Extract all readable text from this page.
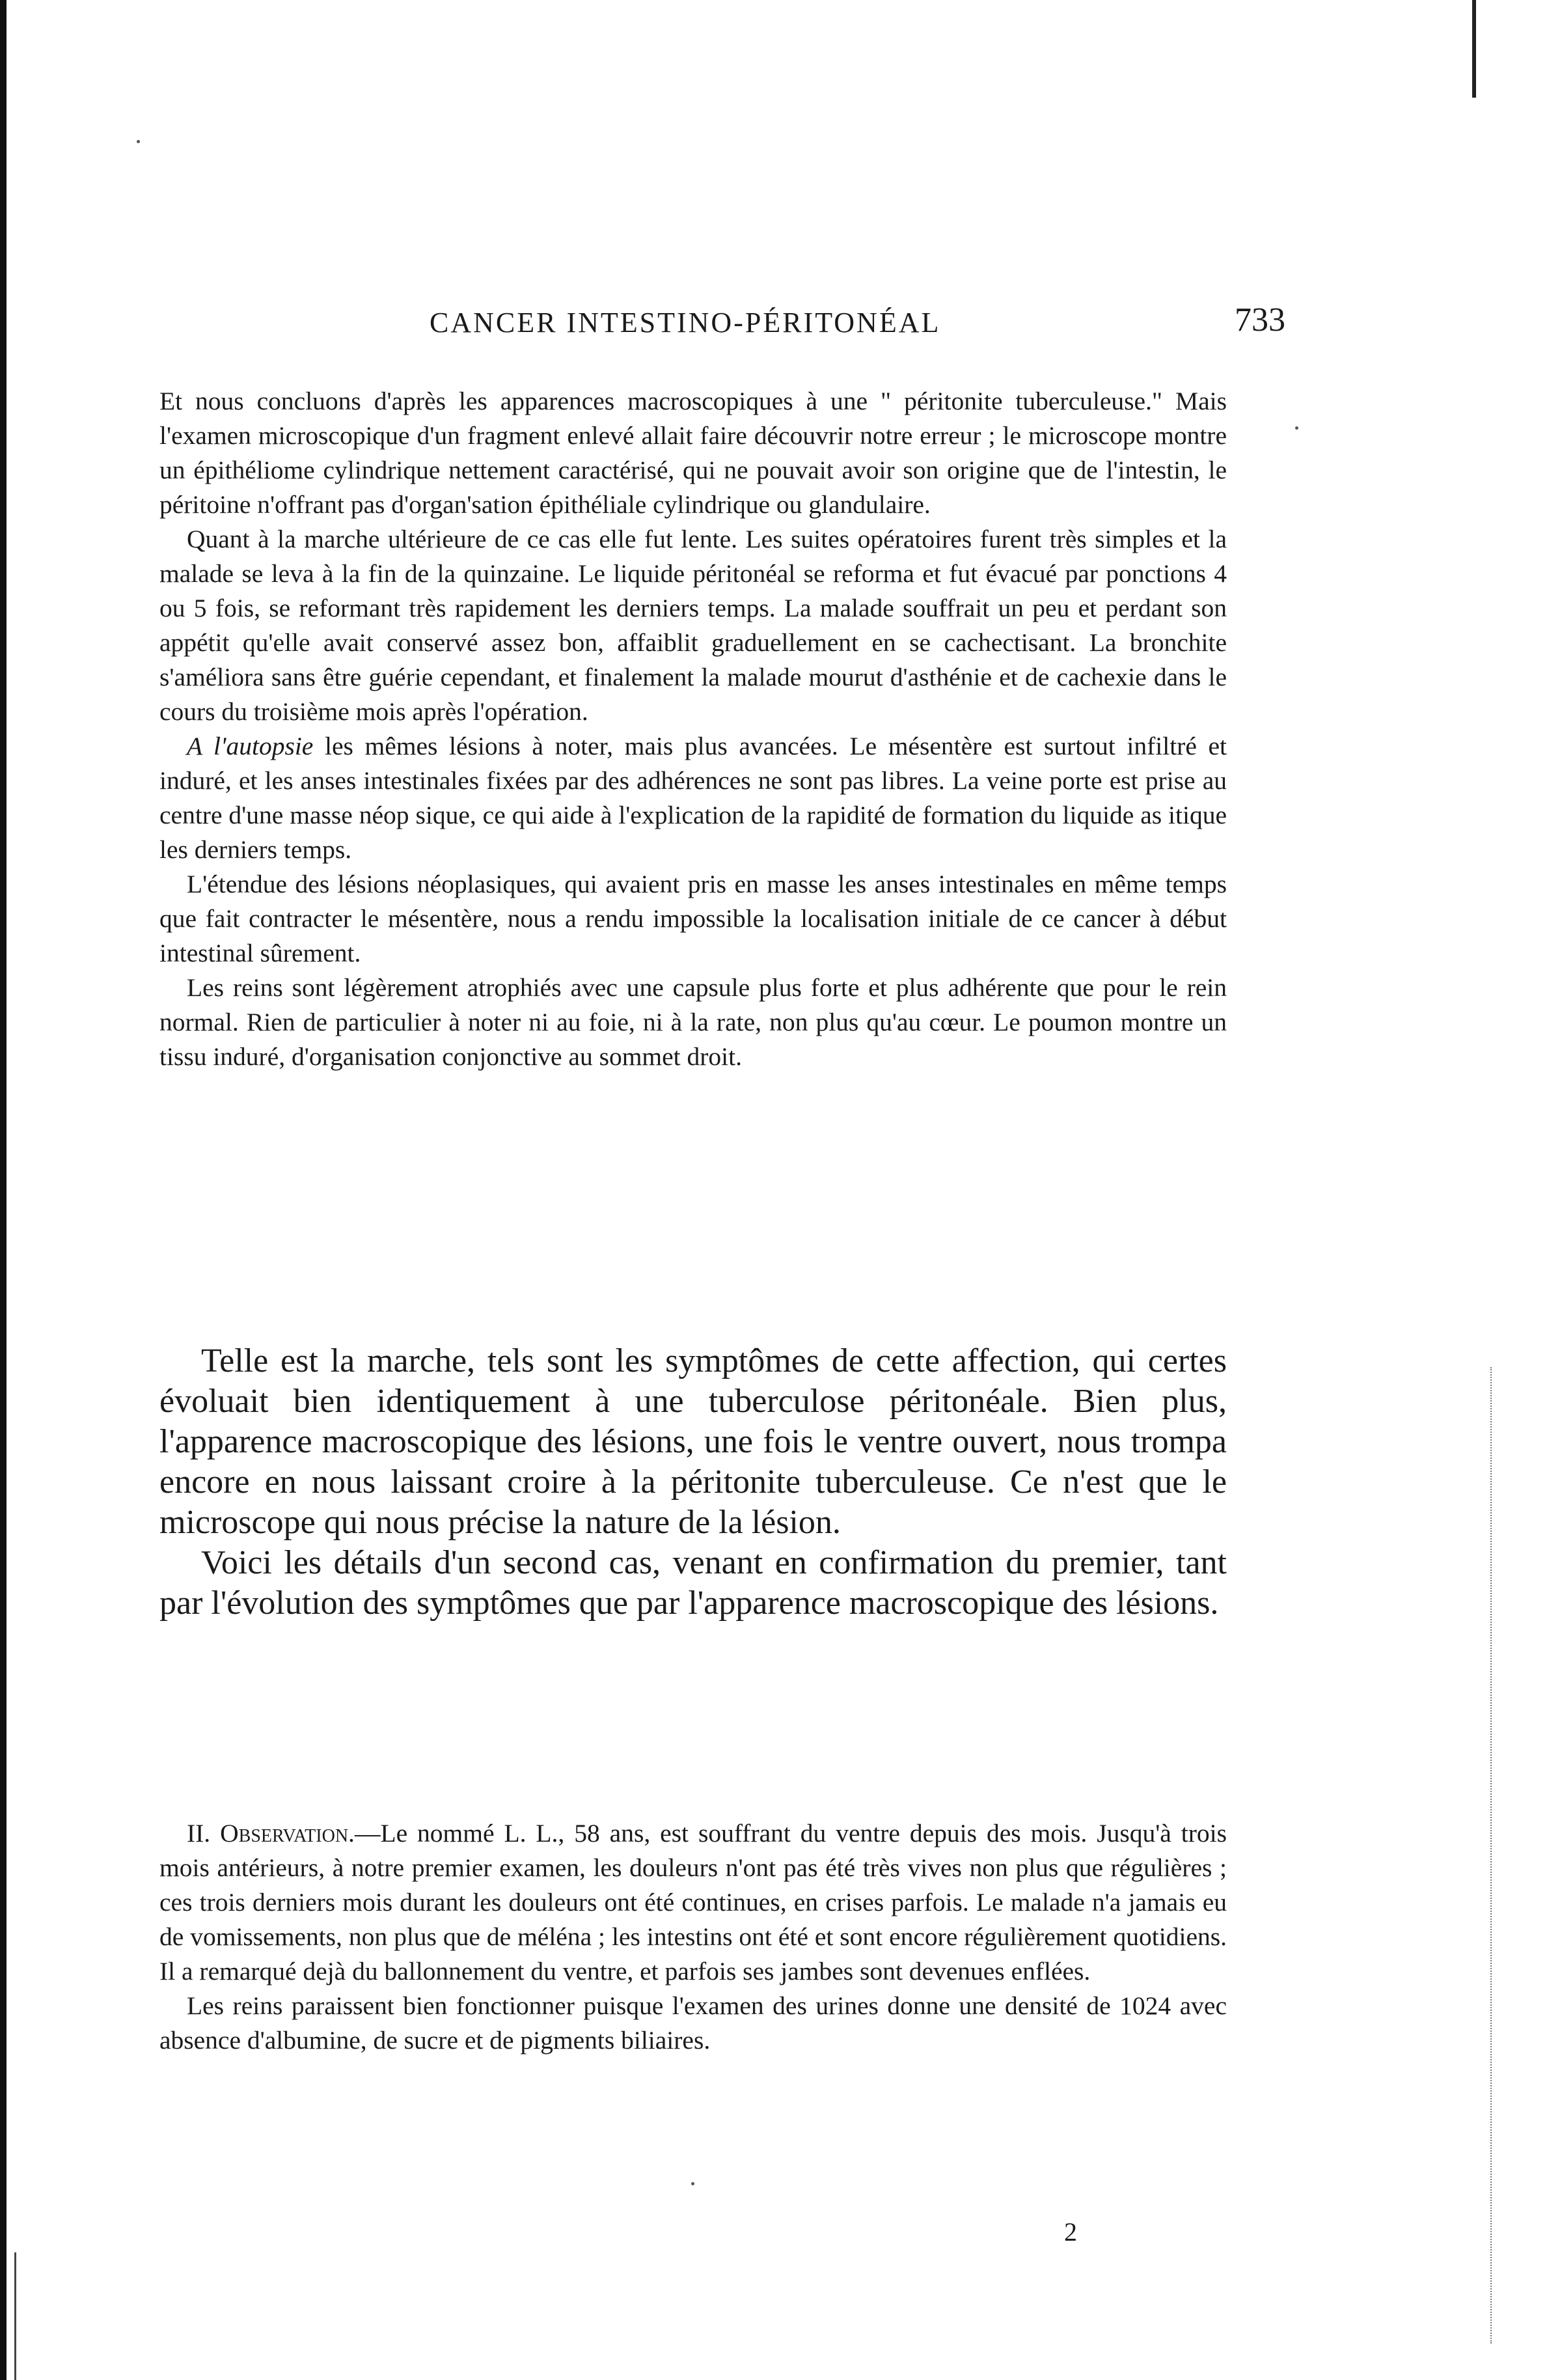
CANCER INTESTINO-PÉRITONÉAL	733

Et nous concluons d'après les apparences macroscopiques à une " péritonite tuberculeuse." Mais l'examen microscopique d'un fragment enlevé allait faire découvrir notre erreur ; le microscope montre un épithéliome cylindrique nettement caractérisé, qui ne pouvait avoir son origine que de l'intestin, le péritoine n'offrant pas d'organ'sation épithéliale cylindrique ou glandulaire.

Quant à la marche ultérieure de ce cas elle fut lente. Les suites opératoires furent très simples et la malade se leva à la fin de la quinzaine. Le liquide péritonéal se reforma et fut évacué par ponctions 4 ou 5 fois, se reformant très rapidement les derniers temps. La malade souffrait un peu et perdant son appétit qu'elle avait conservé assez bon, affaiblit graduellement en se cachectisant. La bronchite s'améliora sans être guérie cependant, et finalement la malade mourut d'asthénie et de cachexie dans le cours du troisième mois après l'opération.

A l'autopsie les mêmes lésions à noter, mais plus avancées. Le mésentère est surtout infiltré et induré, et les anses intestinales fixées par des adhérences ne sont pas libres. La veine porte est prise au centre d'une masse néop sique, ce qui aide à l'explication de la rapidité de formation du liquide as itique les derniers temps.

L'étendue des lésions néoplasiques, qui avaient pris en masse les anses intestinales en même temps que fait contracter le mésentère, nous a rendu impossible la localisation initiale de ce cancer à début intestinal sûrement.

Les reins sont légèrement atrophiés avec une capsule plus forte et plus adhérente que pour le rein normal. Rien de particulier à noter ni au foie, ni à la rate, non plus qu'au cœur. Le poumon montre un tissu induré, d'organisation conjonctive au sommet droit.

Telle est la marche, tels sont les symptômes de cette affection, qui certes évoluait bien identiquement à une tuberculose péritonéale. Bien plus, l'apparence macroscopique des lésions, une fois le ventre ouvert, nous trompa encore en nous laissant croire à la péritonite tuberculeuse. Ce n'est que le microscope qui nous précise la nature de la lésion.

Voici les détails d'un second cas, venant en confirmation du premier, tant par l'évolution des symptômes que par l'apparence macroscopique des lésions.

II. Observation.—Le nommé L. L., 58 ans, est souffrant du ventre depuis des mois. Jusqu'à trois mois antérieurs, à notre premier examen, les douleurs n'ont pas été très vives non plus que régulières ; ces trois derniers mois durant les douleurs ont été continues, en crises parfois. Le malade n'a jamais eu de vomissements, non plus que de méléna ; les intestins ont été et sont encore régulièrement quotidiens. Il a remarqué dejà du ballonnement du ventre, et parfois ses jambes sont devenues enflées.

Les reins paraissent bien fonctionner puisque l'examen des urines donne une densité de 1024 avec absence d'albumine, de sucre et de pigments biliaires.

2
